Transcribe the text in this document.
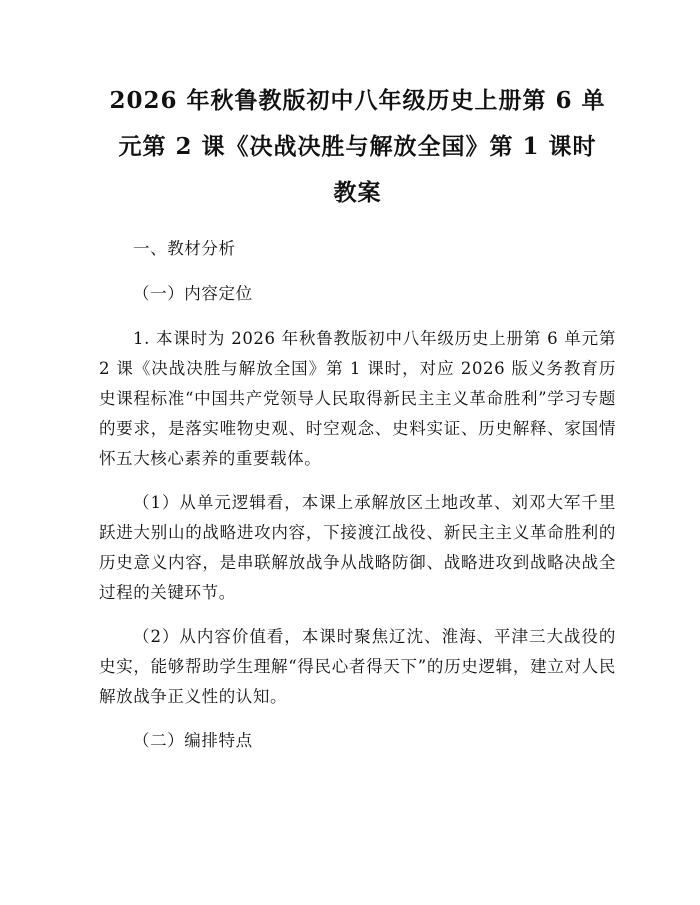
2026 年秋鲁教版初中八年级历史上册第 6 单
元第 2 课《决战决胜与解放全国》第 1 课时
教案

一、教材分析

（一）内容定位

1. 本课时为 2026 年秋鲁教版初中八年级历史上册第 6 单元第 2 课《决战决胜与解放全国》第 1 课时，对应 2026 版义务教育历史课程标准“中国共产党领导人民取得新民主主义革命胜利”学习专题的要求，是落实唯物史观、时空观念、史料实证、历史解释、家国情怀五大核心素养的重要载体。

（1）从单元逻辑看，本课上承解放区土地改革、刘邓大军千里跃进大别山的战略进攻内容，下接渡江战役、新民主主义革命胜利的历史意义内容，是串联解放战争从战略防御、战略进攻到战略决战全过程的关键环节。

（2）从内容价值看，本课时聚焦辽沈、淮海、平津三大战役的史实，能够帮助学生理解“得民心者得天下”的历史逻辑，建立对人民解放战争正义性的认知。

（二）编排特点
